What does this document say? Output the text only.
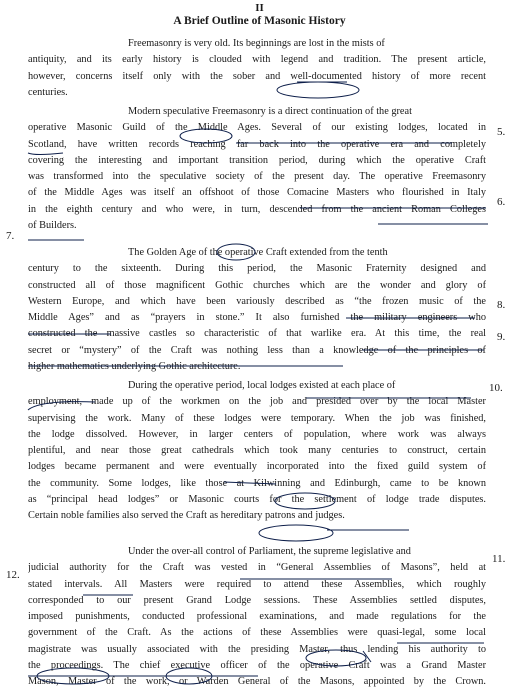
II
A Brief Outline of Masonic History
Freemasonry is very old. Its beginnings are lost in the mists of
antiquity, and its early history is clouded with legend and tradition. The present article,
however, concerns itself only with the sober and well-documented history of more recent
centuries.
Modern speculative Freemasonry is a direct continuation of the great
operative Masonic Guild of the Middle Ages. Several of our existing lodges, located in
Scotland, have written records reaching far back into the operative era and completely
covering the interesting and important transition period, during which the operative Craft
was transformed into the speculative society of the present day. The operative Freemasonry
of the Middle Ages was itself an offshoot of those Comacine Masters who flourished in Italy
in the eighth century and who were, in turn, descended from the ancient Roman Colleges
of Builders.
The Golden Age of the operative Craft extended from the tenth
century to the sixteenth. During this period, the Masonic Fraternity designed and
constructed all of those magnificent Gothic churches which are the wonder and glory of
Western Europe, and which have been variously described as “the frozen music of the
Middle Ages” and as “prayers in stone.” It also furnished the military engineers who
constructed the massive castles so characteristic of that warlike era. At this time, the real
secret or “mystery” of the Craft was nothing less than a knowledge of the principles of
higher mathematics underlying Gothic architecture.
During the operative period, local lodges existed at each place of
employment, made up of the workmen on the job and presided over by the local Master
supervising the work. Many of these lodges were temporary. When the job was finished,
the lodge dissolved. However, in larger centers of population, where work was always
plentiful, and near those great cathedrals which took many centuries to construct, certain
lodges became permanent and were eventually incorporated into the fixed guild system of
the community. Some lodges, like those at Kilwinning and Edinburgh, came to be known
as “principal head lodges” or Masonic courts for the settlement of lodge trade disputes.
Certain noble families also served the Craft as hereditary patrons and judges.
Under the over-all control of Parliament, the supreme legislative and
judicial authority for the Craft was vested in “General Assemblies of Masons”, held at
stated intervals. All Masters were required to attend these Assemblies, which roughly
corresponded to our present Grand Lodge sessions. These Assemblies settled disputes,
imposed punishments, conducted professional examinations, and made regulations for the
government of the Craft. As the actions of these Assemblies were quasi-legal, some local
magistrate was usually associated with the presiding Master, thus lending his authority to
the proceedings. The chief executive officer of the operative Craft was a Grand Master
Mason, Master of the work, or Warden General of the Masons, appointed by the Crown.
5.
6.
7.
8.
9.
10.
11.
12.
